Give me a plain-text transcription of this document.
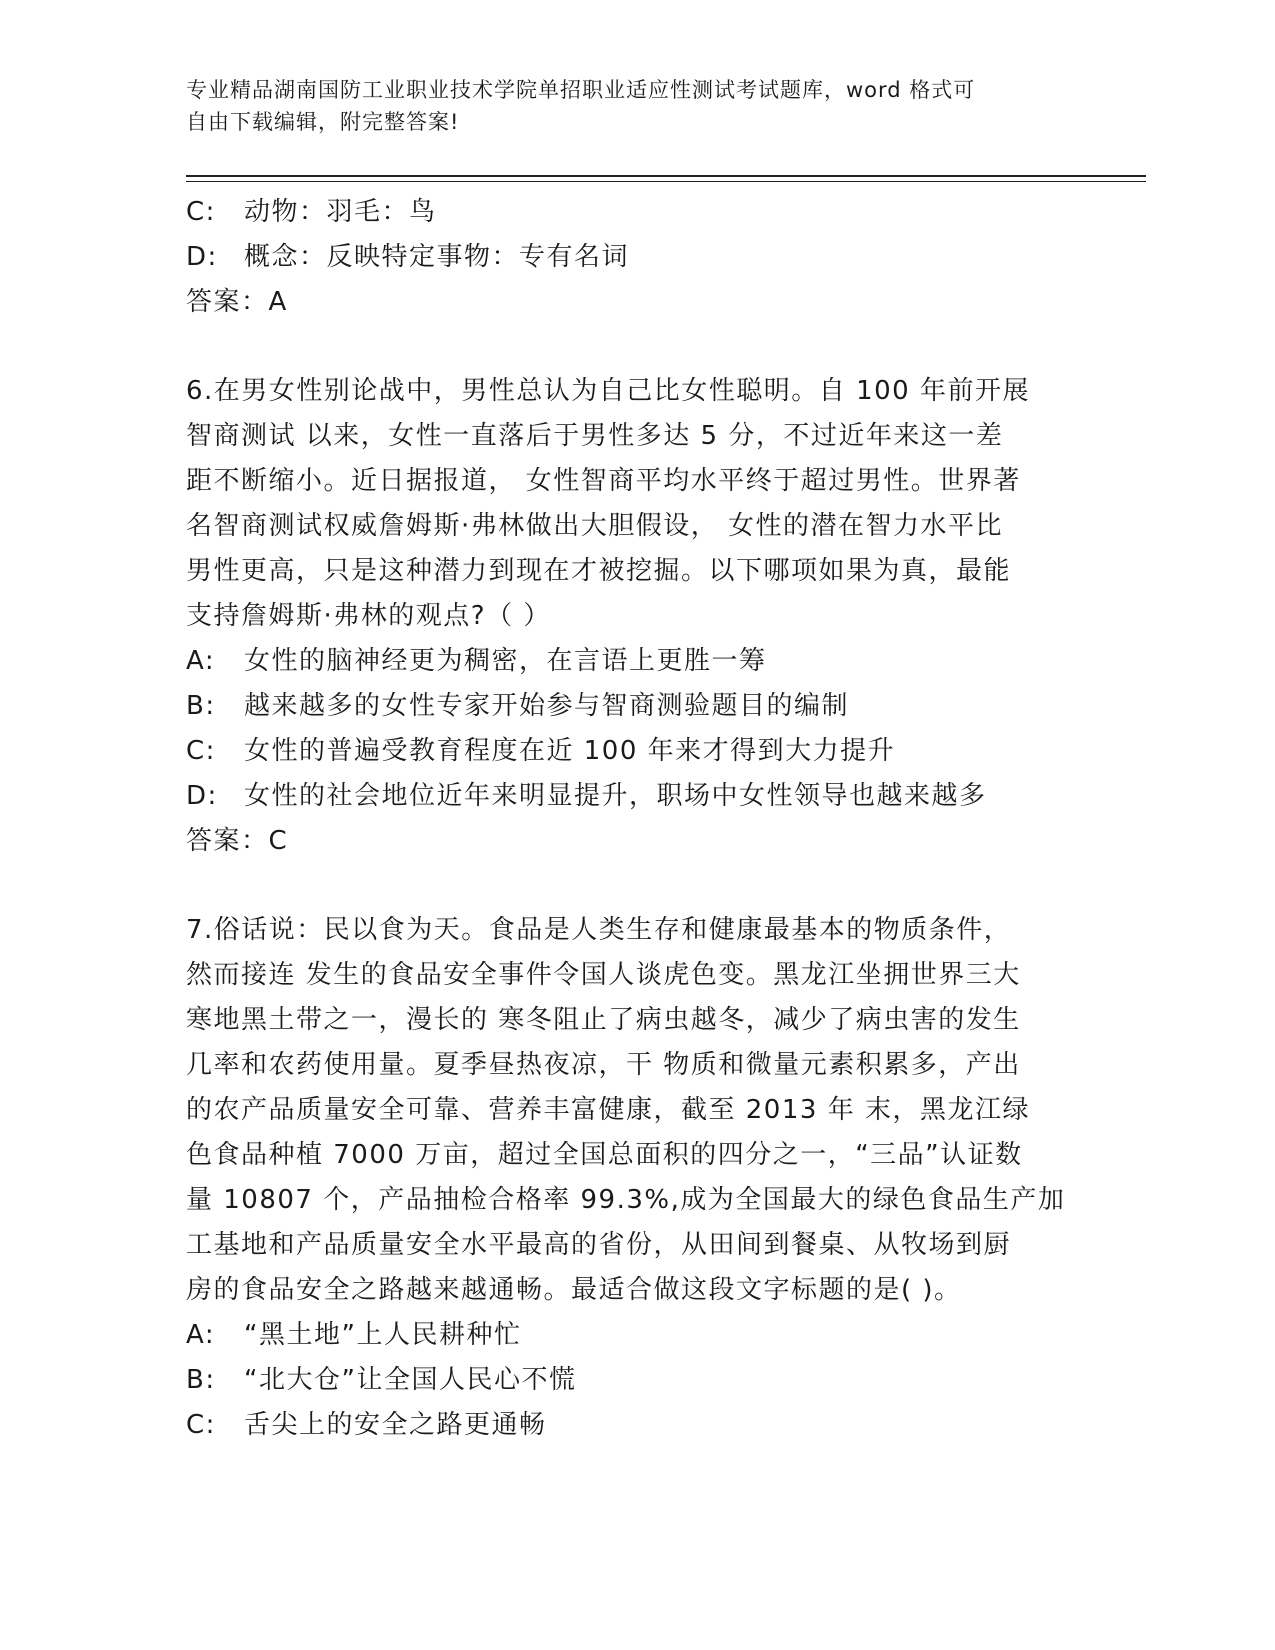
专业精品湖南国防工业职业技术学院单招职业适应性测试考试题库，word 格式可
自由下载编辑，附完整答案!
C: 动物：羽毛：鸟
D: 概念：反映特定事物：专有名词
答案：A
6.在男女性别论战中，男性总认为自己比女性聪明。自 100 年前开展
智商测试 以来，女性一直落后于男性多达 5 分，不过近年来这一差
距不断缩小。近日据报道， 女性智商平均水平终于超过男性。世界著
名智商测试权威詹姆斯·弗林做出大胆假设， 女性的潜在智力水平比
男性更高，只是这种潜力到现在才被挖掘。以下哪项如果为真，最能
支持詹姆斯·弗林的观点?（ ）
A: 女性的脑神经更为稠密，在言语上更胜一筹
B: 越来越多的女性专家开始参与智商测验题目的编制
C: 女性的普遍受教育程度在近 100 年来才得到大力提升
D: 女性的社会地位近年来明显提升，职场中女性领导也越来越多
答案：C
7.俗话说：民以食为天。食品是人类生存和健康最基本的物质条件，
然而接连 发生的食品安全事件令国人谈虎色变。黑龙江坐拥世界三大
寒地黑土带之一，漫长的 寒冬阻止了病虫越冬，减少了病虫害的发生
几率和农药使用量。夏季昼热夜凉，干 物质和微量元素积累多，产出
的农产品质量安全可靠、营养丰富健康，截至 2013 年 末，黑龙江绿
色食品种植 7000 万亩，超过全国总面积的四分之一，“三品”认证数
量 10807 个，产品抽检合格率 99.3%,成为全国最大的绿色食品生产加
工基地和产品质量安全水平最高的省份，从田间到餐桌、从牧场到厨
房的食品安全之路越来越通畅。最适合做这段文字标题的是( )。
A: “黑土地”上人民耕种忙
B: “北大仓”让全国人民心不慌
C: 舌尖上的安全之路更通畅
